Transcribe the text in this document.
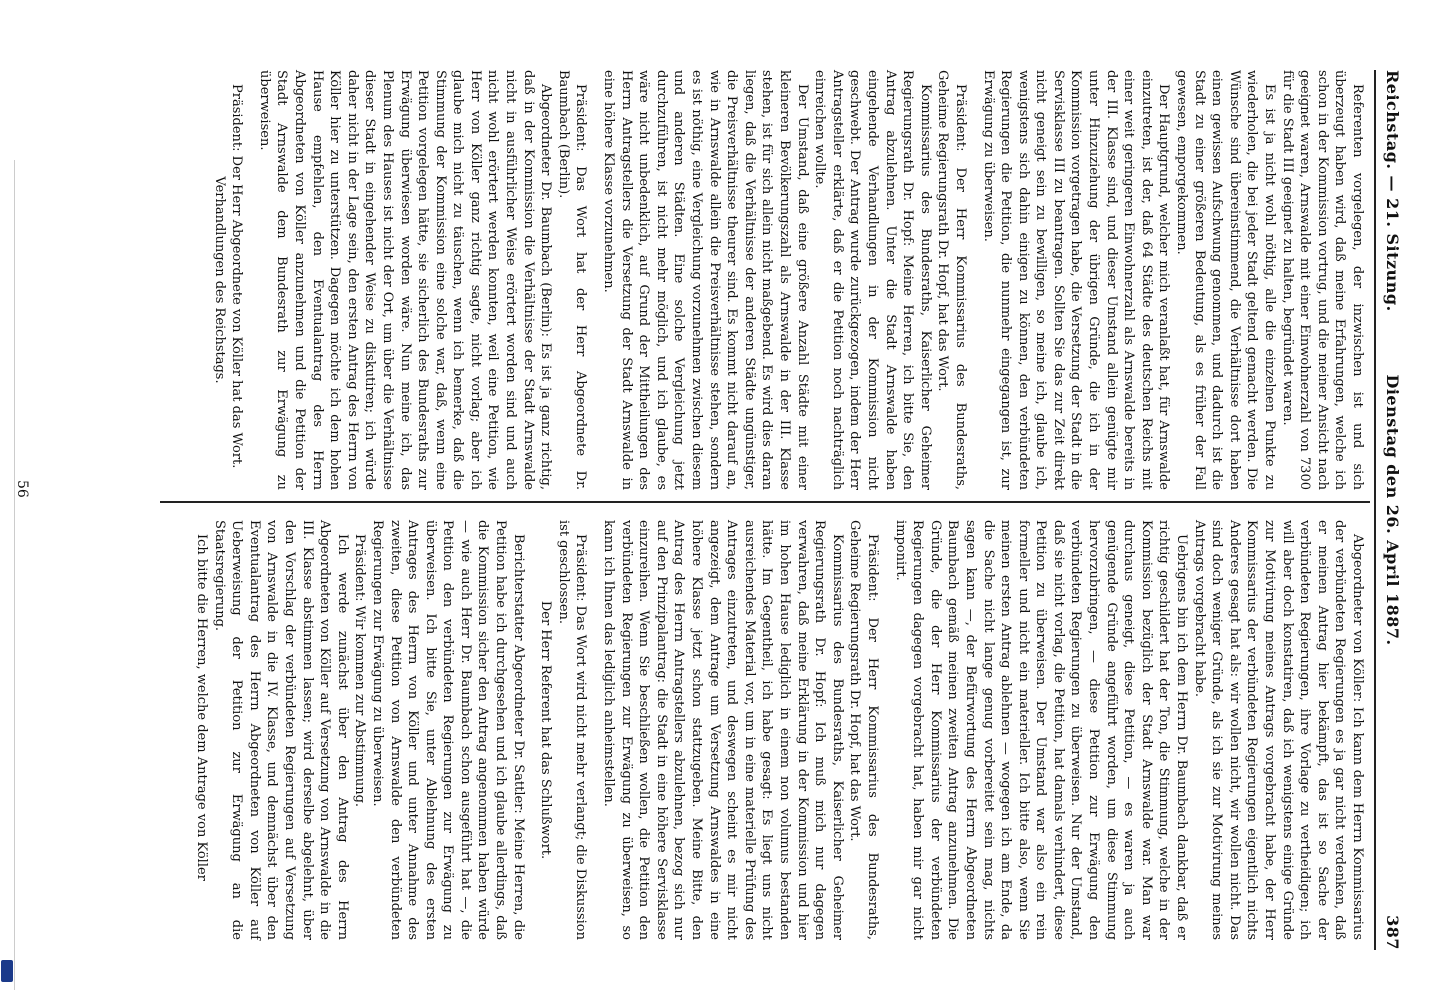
Reichstag. — 21. Sitzung.
Dienstag den 26. April 1887.
387

Referenten vorgelegen, der inzwischen ist und sich überzeugt haben wird, daß meine Erfahrungen, welche ich schon in der Kommission vortrug, und die meiner Ansicht nach geeignet waren, Arnswalde mit einer Einwohnerzahl von 7300 für die Stadt III geeignet zu halten, begründet waren.

Es ist ja nicht wohl nöthig, alle die einzelnen Punkte zu wiederholen, die bei jeder Stadt geltend gemacht werden. Die Wünsche sind übereinstimmend, die Verhältnisse dort haben einen gewissen Aufschwung genommen, und dadurch ist die Stadt zu einer größeren Bedeutung, als es früher der Fall gewesen, emporgekommen.

Der Hauptgrund, welcher mich veranlaßt hat, für Arnswalde einzutreten, ist der, daß 64 Städte des deutschen Reichs mit einer weit geringeren Einwohnerzahl als Arnswalde bereits in der III. Klasse sind, und dieser Umstand allein genügte mir unter Hinzuziehung der übrigen Gründe, die ich in der Kommission vorgetragen habe, die Versetzung der Stadt in die Servisklasse III zu beantragen. Sollten Sie das zur Zeit direkt nicht geneigt sein zu bewilligen, so meine ich, glaube ich, wenigstens sich dahin einigen zu können, den verbündeten Regierungen die Petition, die nunmehr eingegangen ist, zur Erwägung zu überweisen.

Präsident: Der Herr Kommissarius des Bundesraths, Geheime Regierungsrath Dr. Hopf, hat das Wort.

Kommissarius des Bundesraths, Kaiserlicher Geheimer Regierungsrath Dr. Hopf: Meine Herren, ich bitte Sie, den Antrag abzulehnen. Unter die Stadt Arnswalde haben eingehende Verhandlungen in der Kommission nicht geschwebt. Der Antrag wurde zurückgezogen, indem der Herr Antragsteller erklärte, daß er die Petition noch nachträglich einreichen wollte.

Der Umstand, daß eine größere Anzahl Städte mit einer kleineren Bevölkerungszahl als Arnswalde in der III. Klasse stehen, ist für sich allein nicht maßgebend. Es wird dies daran liegen, daß die Verhältnisse der anderen Städte ungünstiger, die Preisverhältnisse theurer sind. Es kommt nicht darauf an, wie in Arnswalde allein die Preisverhältnisse stehen, sondern es ist nöthig, eine Vergleichung vorzunehmen zwischen diesem und anderen Städten. Eine solche Vergleichung jetzt durchzuführen, ist nicht mehr möglich, und ich glaube, es wäre nicht unbedenklich, auf Grund der Mittheilungen des Herrn Antragstellers die Versetzung der Stadt Arnswalde in eine höhere Klasse vorzunehmen.

Präsident: Das Wort hat der Herr Abgeordnete Dr. Baumbach (Berlin).

Abgeordneter Dr. Baumbach (Berlin): Es ist ja ganz richtig, daß in der Kommission die Verhältnisse der Stadt Arnswalde nicht in ausführlicher Weise erörtert worden sind und auch nicht wohl erörtert werden konnten, weil eine Petition, wie Herr von Köller ganz richtig sagte, nicht vorlag; aber ich glaube mich nicht zu täuschen, wenn ich bemerke, daß die Stimmung der Kommission eine solche war, daß, wenn eine Petition vorgelegen hätte, sie sicherlich des Bundesraths zur Erwägung überwiesen worden wäre. Nun meine ich, das Plenum des Hauses ist nicht der Ort, um über die Verhältnisse dieser Stadt in eingehender Weise zu diskutiren; ich würde daher nicht in der Lage sein, den ersten Antrag des Herrn von Köller hier zu unterstützen. Dagegen möchte ich dem hohen Hause empfehlen, den Eventualantrag des Herrn Abgeordneten von Köller anzunehmen und die Petition der Stadt Arnswalde dem Bundesrath zur Erwägung zu überweisen.

Präsident: Der Herr Abgeordnete von Köller hat das Wort.

Verhandlungen des Reichstags.

Abgeordneter von Köller: Ich kann dem Herrn Kommissarius der verbündeten Regierungen es ja gar nicht verdenken, daß er meinen Antrag hier bekämpft, das ist so Sache der verbündeten Regierungen, ihre Vorlage zu vertheidigen; ich will aber doch konstatiren, daß ich wenigstens einige Gründe zur Motivirung meines Antrags vorgebracht habe, der Herr Kommissarius der verbündeten Regierungen eigentlich nichts Anderes gesagt hat als: wir wollen nicht, wir wollen nicht. Das sind doch weniger Gründe, als ich sie zur Motivirung meines Antrags vorgebracht habe.

Uebrigens bin ich dem Herrn Dr. Baumbach dankbar, daß er richtig geschildert hat der Ton, die Stimmung, welche in der Kommission bezüglich der Stadt Arnswalde war. Man war durchaus geneigt, diese Petition, — es waren ja auch genügende Gründe angeführt worden, um diese Stimmung hervorzubringen, — diese Petition zur Erwägung den verbündeten Regierungen zu überweisen. Nur der Umstand, daß sie nicht vorlag, die Petition, hat damals verhindert, diese Petition zu überweisen. Der Umstand war also ein rein formeller und nicht ein materieller. Ich bitte also, wenn Sie meinen ersten Antrag ablehnen — wogegen ich am Ende, da die Sache nicht lange genug vorbereitet sein mag, nichts sagen kann —, der Befürwortung des Herrn Abgeordneten Baumbach gemäß meinen zweiten Antrag anzunehmen. Die Gründe, die der Herr Kommissarius der verbündeten Regierungen dagegen vorgebracht hat, haben mir gar nicht imponirt.

Präsident: Der Herr Kommissarius des Bundesraths, Geheime Regierungsrath Dr. Hopf, hat das Wort.

Kommissarius des Bundesraths, Kaiserlicher Geheimer Regierungsrath Dr. Hopf: Ich muß mich nur dagegen verwahren, daß meine Erklärung in der Kommission und hier im hohen Hause lediglich in einem non volumus bestanden hätte. Im Gegentheil, ich habe gesagt: Es liegt uns nicht ausreichendes Material vor, um in eine materielle Prüfung des Antrages einzutreten, und deswegen scheint es mir nicht angezeigt, dem Antrage um Versetzung Arnswaldes in eine höhere Klasse jetzt schon stattzugeben. Meine Bitte, den Antrag des Herrn Antragstellers abzulehnen, bezog sich nur auf den Prinzipalantrag: die Stadt in eine höhere Servisklasse einzureihen. Wenn Sie beschließen wollen, die Petition den verbündeten Regierungen zur Erwägung zu überweisen, so kann ich Ihnen das lediglich anheimstellen.

Präsident: Das Wort wird nicht mehr verlangt; die Diskussion ist geschlossen.

Der Herr Referent hat das Schlußwort.

Berichterstatter Abgeordneter Dr. Sattler: Meine Herren, die Petition habe ich durchgesehen und ich glaube allerdings, daß die Kommission sicher den Antrag angenommen haben würde — wie auch Herr Dr. Baumbach schon ausgeführt hat —, die Petition den verbündeten Regierungen zur Erwägung zu überweisen. Ich bitte Sie, unter Ablehnung des ersten Antrages des Herrn von Köller und unter Annahme des zweiten, diese Petition von Arnswalde den verbündeten Regierungen zur Erwägung zu überweisen.

Präsident: Wir kommen zur Abstimmung.

Ich werde zunächst über den Antrag des Herrn Abgeordneten von Köller auf Versetzung von Arnswalde in die III. Klasse abstimmen lassen; wird derselbe abgelehnt, über den Vorschlag der verbündeten Regierungen auf Versetzung von Arnswalde in die IV. Klasse, und demnächst über den Eventualantrag des Herrn Abgeordneten von Köller auf Ueberweisung der Petition zur Erwägung an die Staatsregierung.

Ich bitte die Herren, welche dem Antrage von Köller

56
